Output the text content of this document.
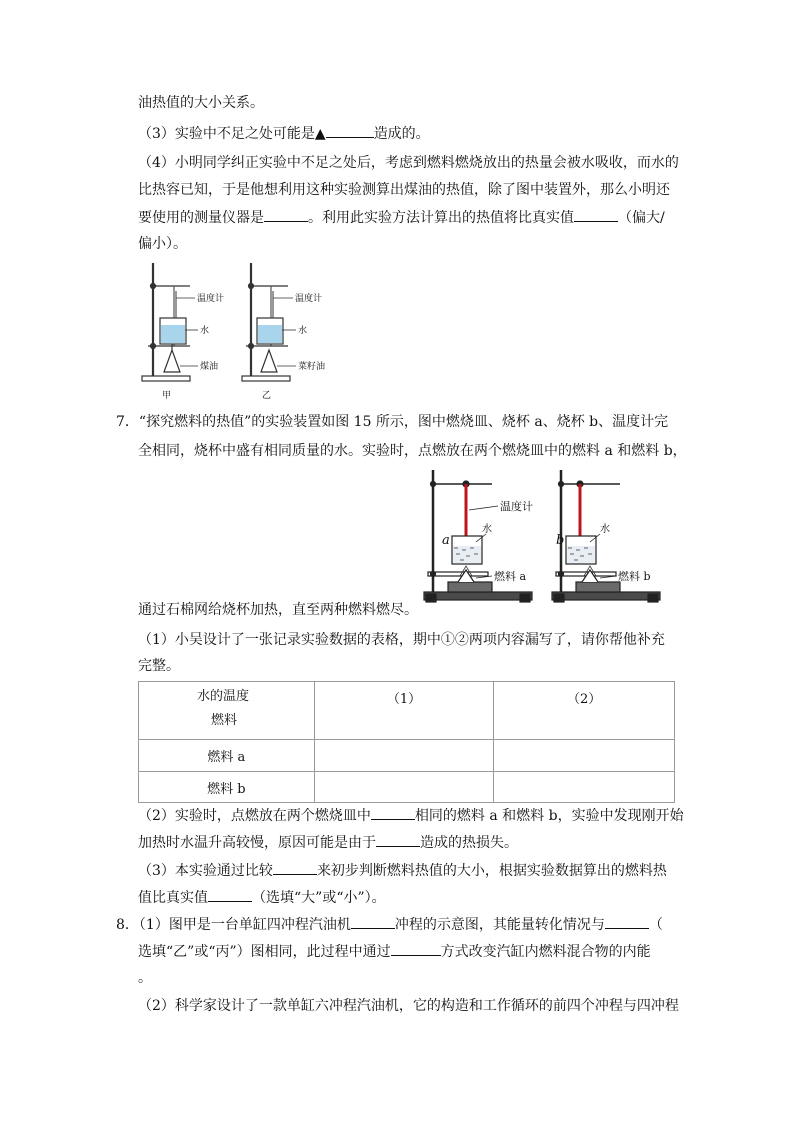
油热值的大小关系。
（3）实验中不足之处可能是▲	造成的。
（4）小明同学纠正实验中不足之处后，考虑到燃料燃烧放出的热量会被水吸收，而水的
比热容已知，于是他想利用这种实验测算出煤油的热值，除了图中装置外，那么小明还
要使用的测量仪器是	。利用此实验方法计算出的热值将比真实值	（偏大/
偏小）。
温度计
水
煤油
甲
温度计
水
菜籽油
乙
7．“探究燃料的热值”的实验装置如图 15 所示，图中燃烧皿、烧杯 a、烧杯 b、温度计完
全相同，烧杯中盛有相同质量的水。实验时，点燃放在两个燃烧皿中的燃料 a 和燃料 b，
温度计
水	水
a	b
燃料 a	燃料 b
通过石棉网给烧杯加热，直至两种燃料燃尽。
（1）小吴设计了一张记录实验数据的表格，期中①②两项内容漏写了，请你帮他补充
完整。
水的温度
燃料	（1）	（2）
燃料 a		
燃料 b		
（2）实验时，点燃放在两个燃烧皿中	相同的燃料 a 和燃料 b，实验中发现刚开始
加热时水温升高较慢，原因可能是由于	造成的热损失。
（3）本实验通过比较	来初步判断燃料热值的大小，根据实验数据算出的燃料热
值比真实值	（选填“大”或“小”）。
8．（1）图甲是一台单缸四冲程汽油机	冲程的示意图，其能量转化情况与	（
选填“乙”或“丙”）图相同，此过程中通过	方式改变汽缸内燃料混合物的内能
。
（2）科学家设计了一款单缸六冲程汽油机，它的构造和工作循环的前四个冲程与四冲程
